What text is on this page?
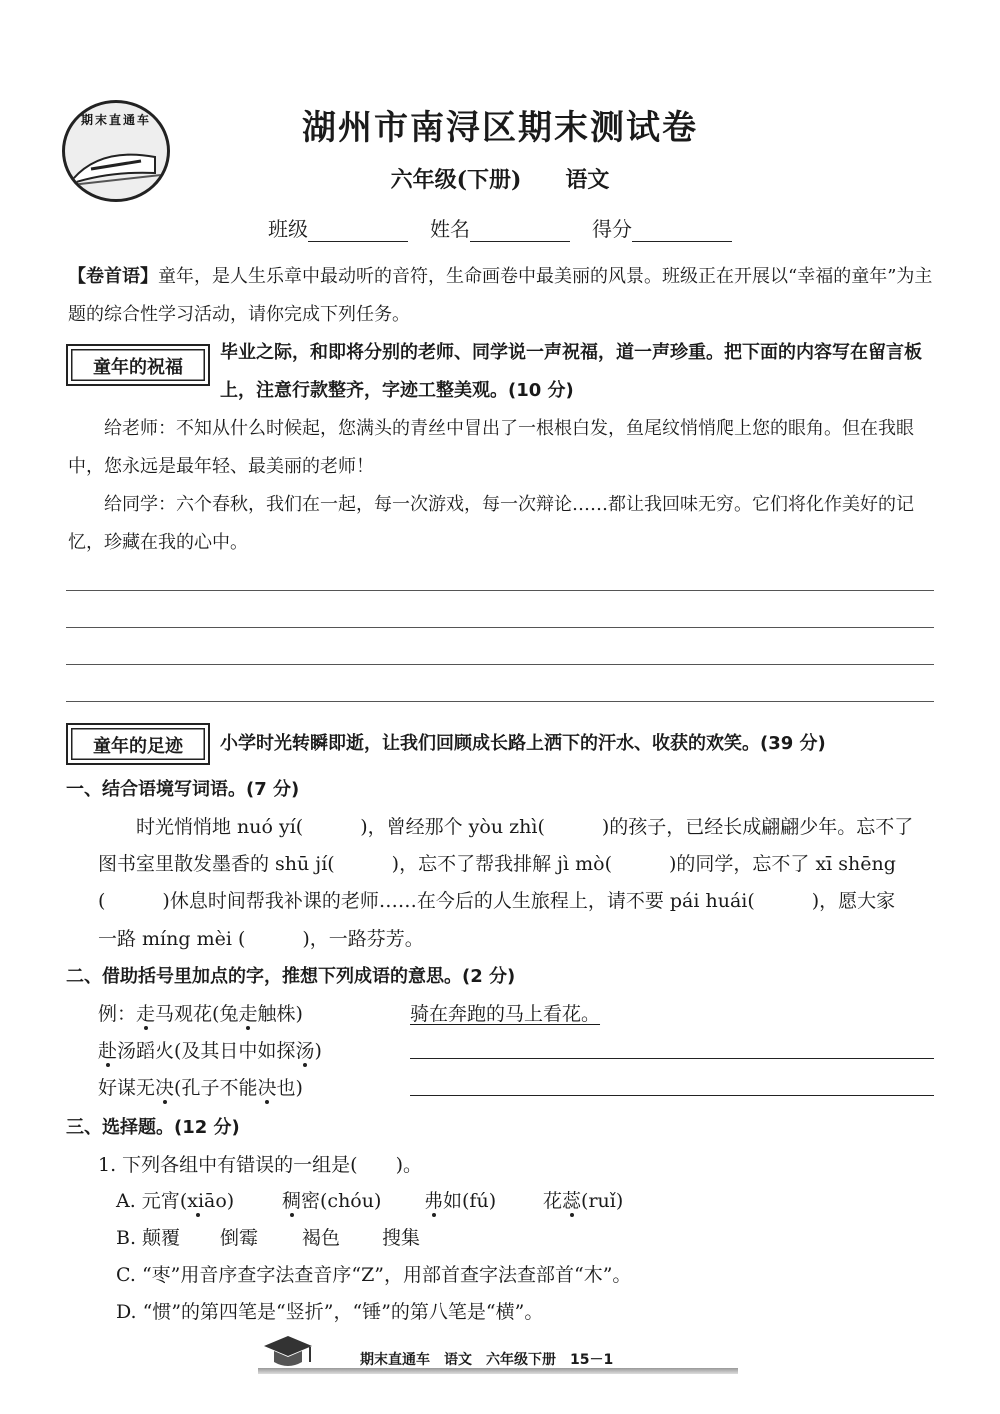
期末直通车	湖州市南浔区期末测试卷
六年级(下册)　　 语文
班级	姓名	得分
【卷首语】童年，是人生乐章中最动听的音符，生命画卷中最美丽的风景。班级正在开展以“幸福的童年”为主题的综合性学习活动，请你完成下列任务。
童年的祝福
毕业之际，和即将分别的老师、同学说一声祝福，道一声珍重。把下面的内容写在留言板上，注意行款整齐，字迹工整美观。(10 分)
给老师：不知从什么时候起，您满头的青丝中冒出了一根根白发，鱼尾纹悄悄爬上您的眼角。但在我眼中，您永远是最年轻、最美丽的老师！
给同学：六个春秋，我们在一起，每一次游戏，每一次辩论……都让我回味无穷。它们将化作美好的记忆，珍藏在我的心中。
童年的足迹	小学时光转瞬即逝，让我们回顾成长路上洒下的汗水、收获的欢笑。(39 分)
一、结合语境写词语。(7 分)
时光悄悄地 nuó yí(　　　)，曾经那个 yòu zhì(　　　)的孩子，已经长成翩翩少年。忘不了
图书室里散发墨香的 shū jí(　　　)，忘不了帮我排解 jì mò(　　　)的同学，忘不了 xī shēng
(　　　)休息时间帮我补课的老师……在今后的人生旅程上，请不要 pái huái(　　　)，愿大家
一路 míng mèi (　　　)，一路芬芳。
二、借助括号里加点的字，推想下列成语的意思。(2 分)
例：走马观花(兔走触株)	骑在奔跑的马上看花。
赴汤蹈火(及其日中如探汤)
好谋无决(孔子不能决也)
三、选择题。(12 分)
1. 下列各组中有错误的一组是(　　)。
A. 元宵(xiāo)	稠密(chóu) 弗如(fú) 花蕊(ruǐ)
B. 颠覆 倒霉 褐色 搜集
C. “枣”用音序查字法查音序“Z”，用部首查字法查部首“木”。
D. “惯”的第四笔是“竖折”，“锤”的第八笔是“横”。
期末直通车　语文　六年级下册　15－1
